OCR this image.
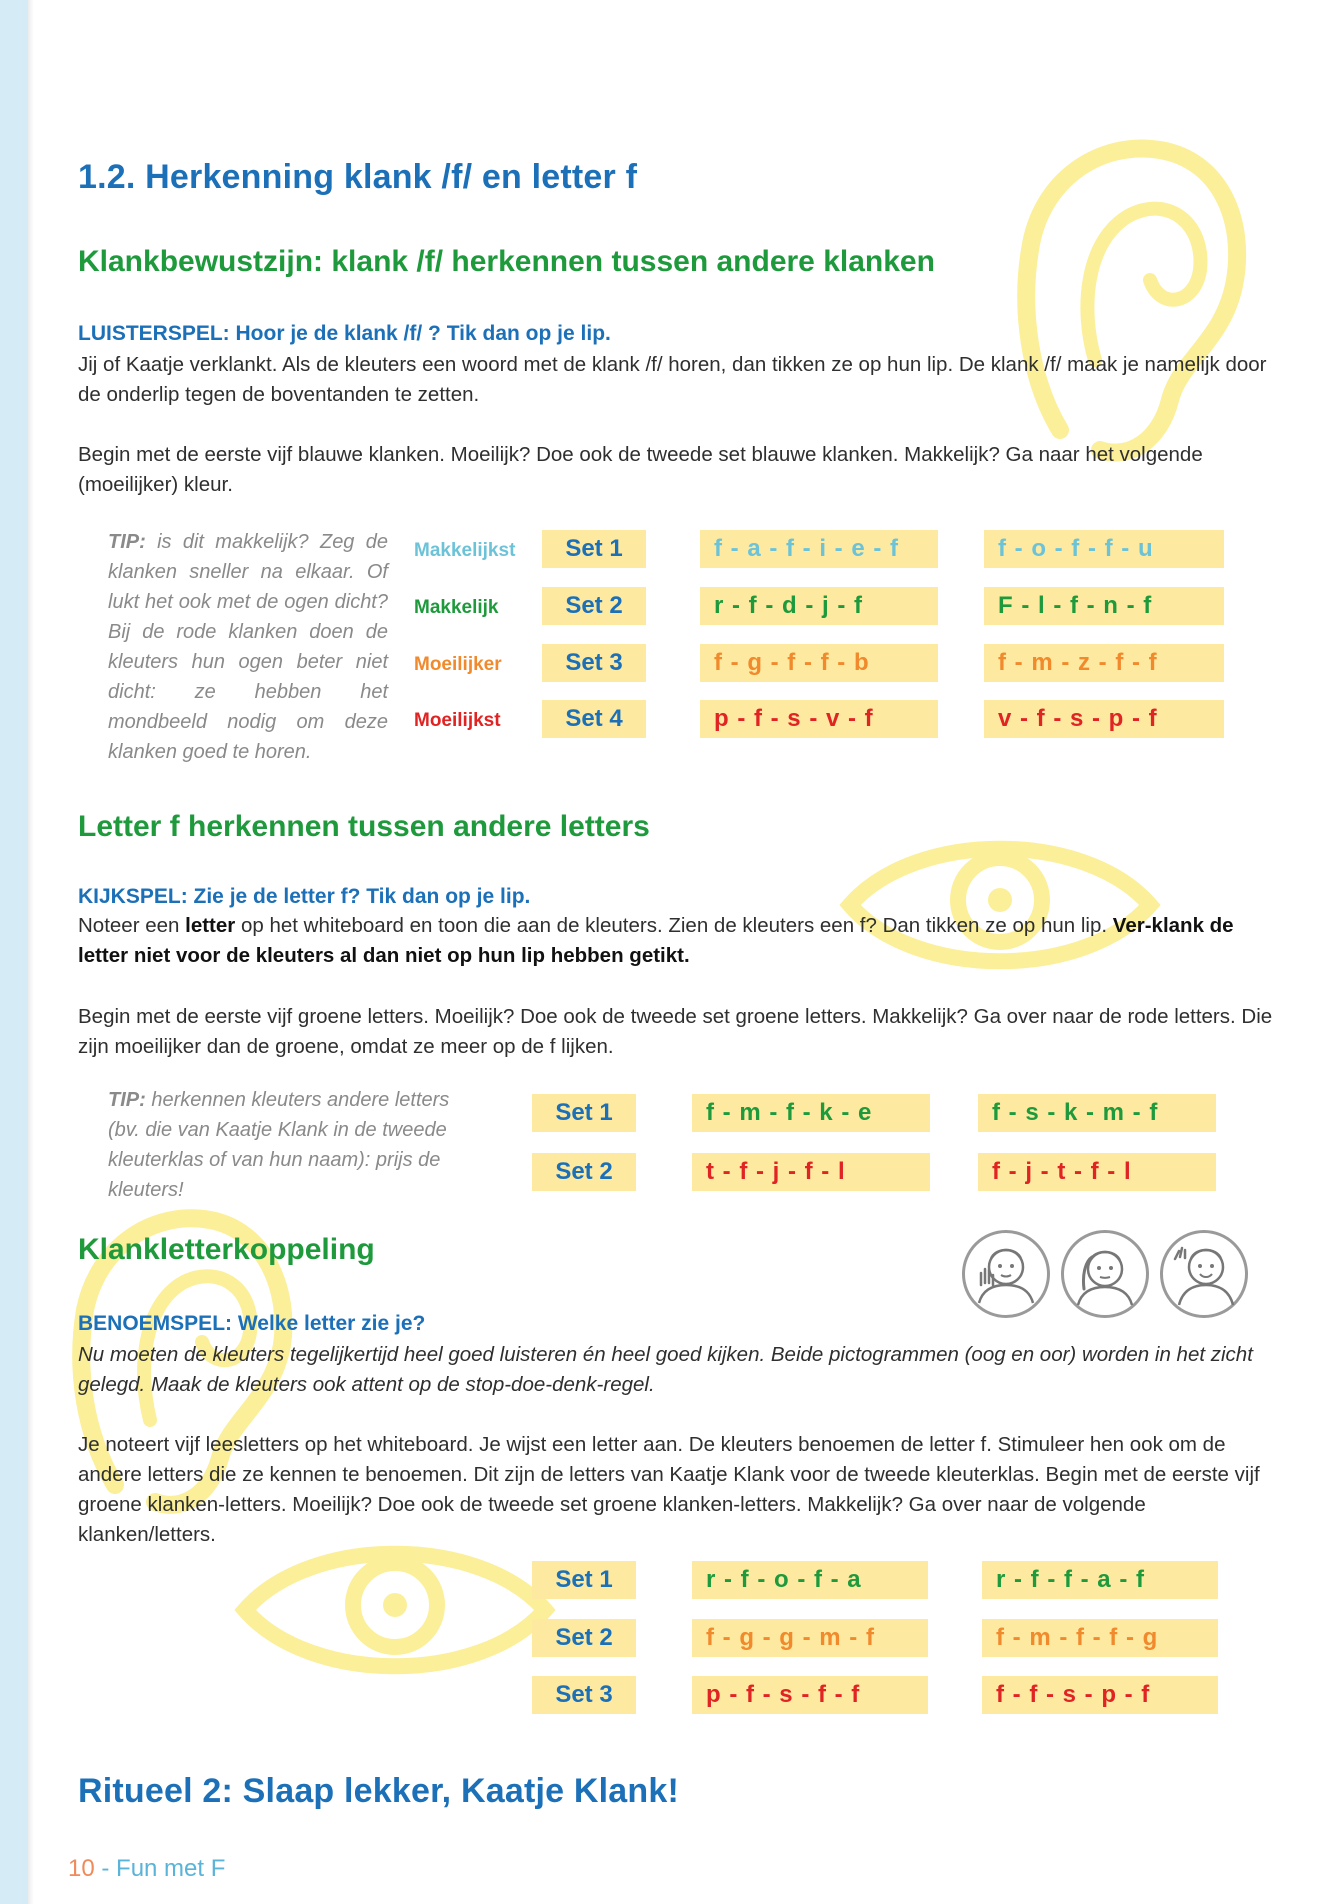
1.2. Herkenning klank /f/ en letter f
Klankbewustzijn: klank /f/ herkennen tussen andere klanken
LUISTERSPEL: Hoor je de klank /f/ ? Tik dan op je lip.
Jij of Kaatje verklankt. Als de kleuters een woord met de klank /f/ horen, dan tikken ze op hun lip. De klank /f/ maak je namelijk door de onderlip tegen de boventanden te zetten.
Begin met de eerste vijf blauwe klanken. Moeilijk? Doe ook de tweede set blauwe klanken. Makkelijk? Ga naar het volgende (moeilijker) kleur.
TIP: is dit makkelijk? Zeg de klanken sneller na elkaar. Of lukt het ook met de ogen dicht? Bij de rode klanken doen de kleuters hun ogen beter niet dicht: ze hebben het mondbeeld nodig om deze klanken goed te horen.
Makkelijkst	Set 1	f - a - f - i - e - f	f - o - f - f - u
Makkelijk	Set 2	r - f - d - j - f	F - l - f - n - f
Moeilijker	Set 3	f - g - f - f - b	f - m - z - f - f
Moeilijkst	Set 4	p - f - s - v - f	v - f - s - p - f
Letter f herkennen tussen andere letters
KIJKSPEL: Zie je de letter f? Tik dan op je lip.
Noteer een letter op het whiteboard en toon die aan de kleuters. Zien de kleuters een f? Dan tikken ze op hun lip. Ver-klank de letter niet voor de kleuters al dan niet op hun lip hebben getikt.
Begin met de eerste vijf groene letters. Moeilijk? Doe ook de tweede set groene letters. Makkelijk? Ga over naar de rode letters. Die zijn moeilijker dan de groene, omdat ze meer op de f lijken.
TIP: herkennen kleuters andere letters (bv. die van Kaatje Klank in de tweede kleuterklas of van hun naam): prijs de kleuters!
Set 1	f - m - f - k - e	f - s - k - m - f
Set 2	t - f - j - f - l	f - j - t - f - l
Klankletterkoppeling
BENOEMSPEL: Welke letter zie je?
Nu moeten de kleuters tegelijkertijd heel goed luisteren én heel goed kijken. Beide pictogrammen (oog en oor) worden in het zicht gelegd. Maak de kleuters ook attent op de stop-doe-denk-regel.
Je noteert vijf leesletters op het whiteboard. Je wijst een letter aan. De kleuters benoemen de letter f. Stimuleer hen ook om de andere letters die ze kennen te benoemen. Dit zijn de letters van Kaatje Klank voor de tweede kleuterklas. Begin met de eerste vijf groene klanken-letters. Moeilijk? Doe ook de tweede set groene klanken-letters. Makkelijk? Ga over naar de volgende klanken/letters.
Set 1	r - f - o - f - a	r - f - f - a - f
Set 2	f - g - g - m - f	f - m - f - f - g
Set 3	p - f - s - f - f	f - f - s - p - f
Ritueel 2: Slaap lekker, Kaatje Klank!
10 - Fun met F
